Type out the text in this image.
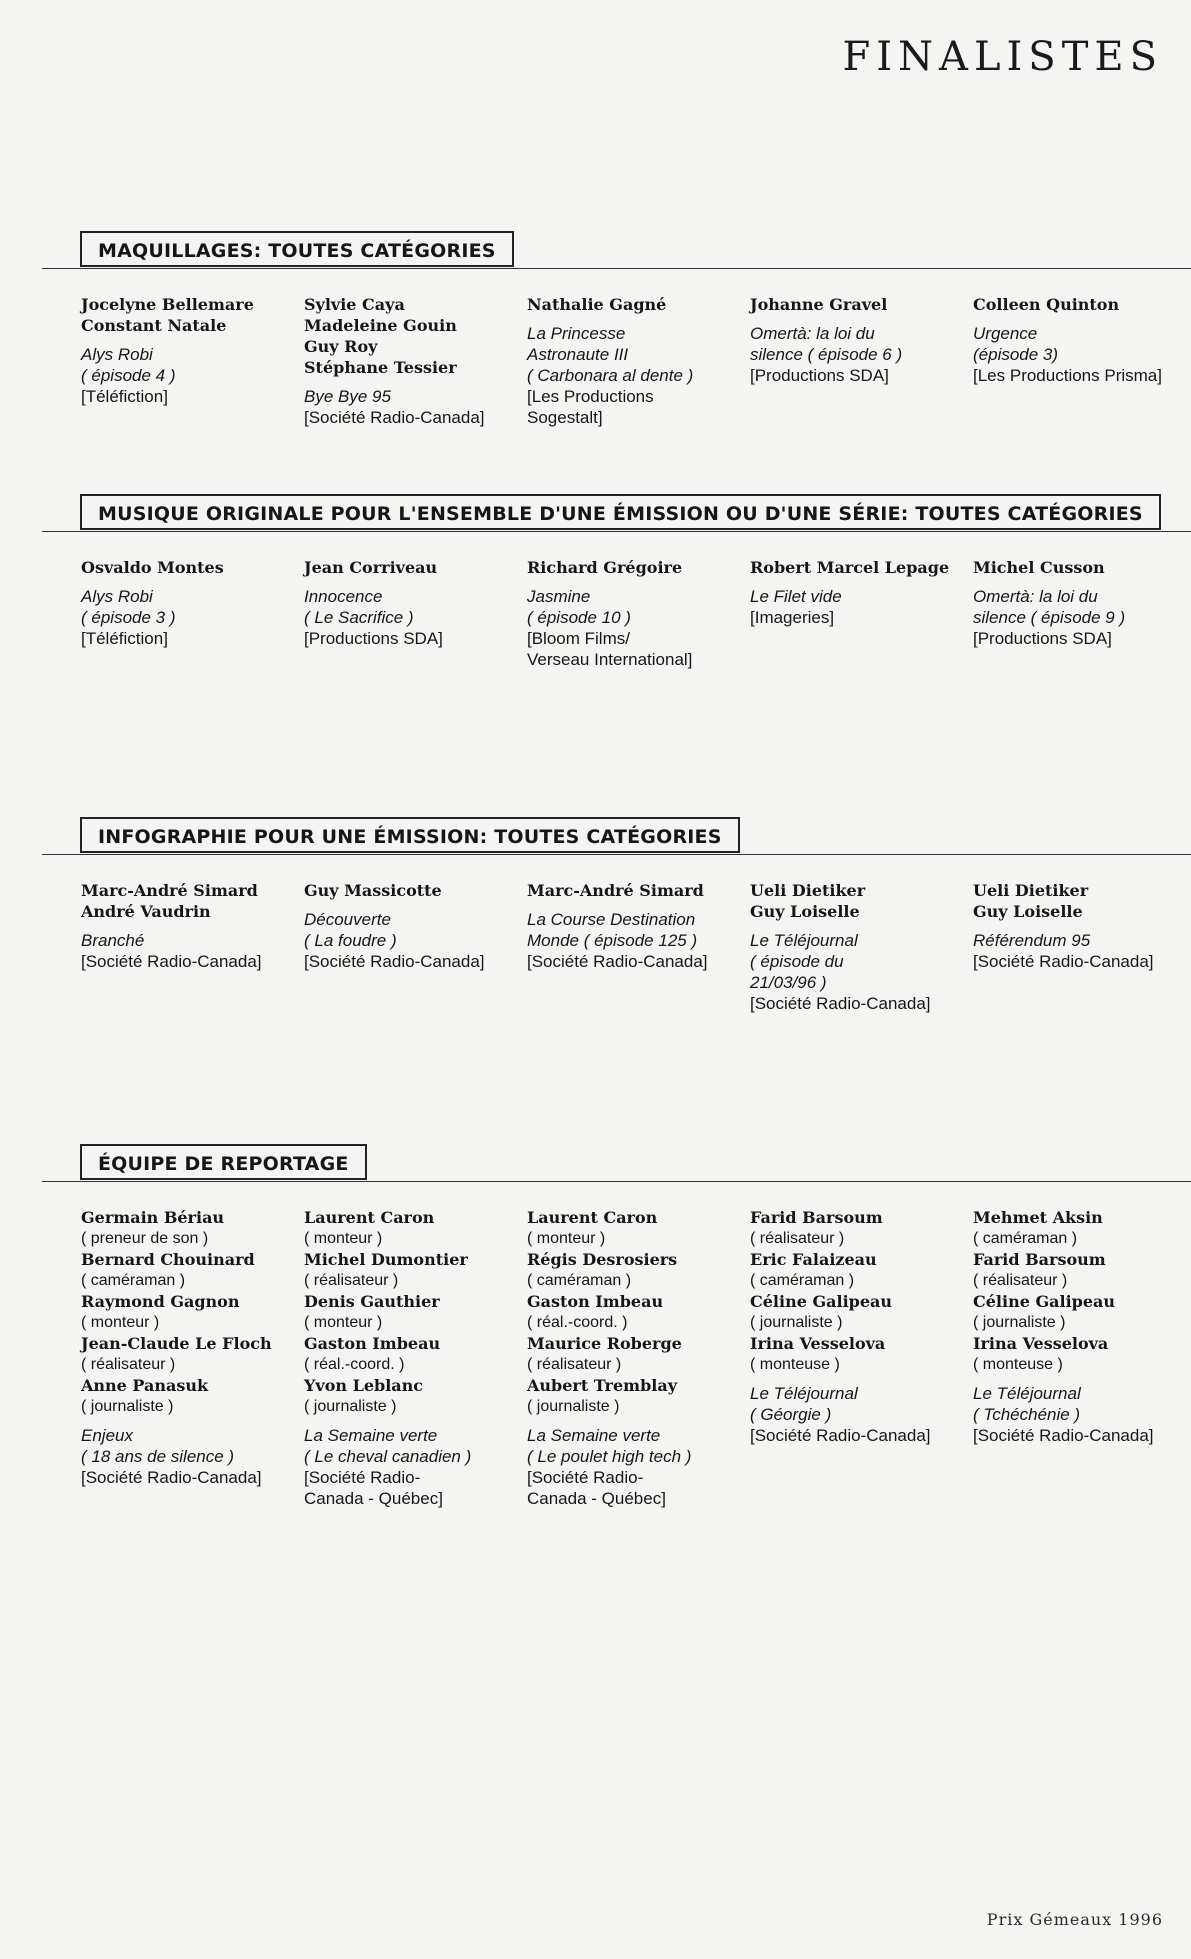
FINALISTES
MAQUILLAGES: TOUTES CATÉGORIES
Jocelyne Bellemare
Constant Natale
Alys Robi
( épisode 4 )
[Téléfiction]
Sylvie Caya
Madeleine Gouin
Guy Roy
Stéphane Tessier
Bye Bye 95
[Société Radio-Canada]
Nathalie Gagné
La Princesse
Astronaute III
( Carbonara al dente )
[Les Productions
Sogestalt]
Johanne Gravel
Omertà: la loi du
silence ( épisode 6 )
[Productions SDA]
Colleen Quinton
Urgence
(épisode 3)
[Les Productions Prisma]
MUSIQUE ORIGINALE POUR L'ENSEMBLE D'UNE ÉMISSION OU D'UNE SÉRIE: TOUTES CATÉGORIES
Osvaldo Montes
Alys Robi
( épisode 3 )
[Téléfiction]
Jean Corriveau
Innocence
( Le Sacrifice )
[Productions SDA]
Richard Grégoire
Jasmine
( épisode 10 )
[Bloom Films/
Verseau International]
Robert Marcel Lepage
Le Filet vide
[Imageries]
Michel Cusson
Omertà: la loi du
silence ( épisode 9 )
[Productions SDA]
INFOGRAPHIE POUR UNE ÉMISSION: TOUTES CATÉGORIES
Marc-André Simard
André Vaudrin
Branché
[Société Radio-Canada]
Guy Massicotte
Découverte
( La foudre )
[Société Radio-Canada]
Marc-André Simard
La Course Destination
Monde ( épisode 125 )
[Société Radio-Canada]
Ueli Dietiker
Guy Loiselle
Le Téléjournal
( épisode du
21/03/96 )
[Société Radio-Canada]
Ueli Dietiker
Guy Loiselle
Référendum 95
[Société Radio-Canada]
ÉQUIPE DE REPORTAGE
Germain Bériau
( preneur de son )
Bernard Chouinard
( caméraman )
Raymond Gagnon
( monteur )
Jean-Claude Le Floch
( réalisateur )
Anne Panasuk
( journaliste )
Enjeux
( 18 ans de silence )
[Société Radio-Canada]
Laurent Caron
( monteur )
Michel Dumontier
( réalisateur )
Denis Gauthier
( monteur )
Gaston Imbeau
( réal.-coord. )
Yvon Leblanc
( journaliste )
La Semaine verte
( Le cheval canadien )
[Société Radio-
Canada - Québec]
Laurent Caron
( monteur )
Régis Desrosiers
( caméraman )
Gaston Imbeau
( réal.-coord. )
Maurice Roberge
( réalisateur )
Aubert Tremblay
( journaliste )
La Semaine verte
( Le poulet high tech )
[Société Radio-
Canada - Québec]
Farid Barsoum
( réalisateur )
Eric Falaizeau
( caméraman )
Céline Galipeau
( journaliste )
Irina Vesselova
( monteuse )
Le Téléjournal
( Géorgie )
[Société Radio-Canada]
Mehmet Aksin
( caméraman )
Farid Barsoum
( réalisateur )
Céline Galipeau
( journaliste )
Irina Vesselova
( monteuse )
Le Téléjournal
( Tchéchénie )
[Société Radio-Canada]
Prix Gémeaux 1996
